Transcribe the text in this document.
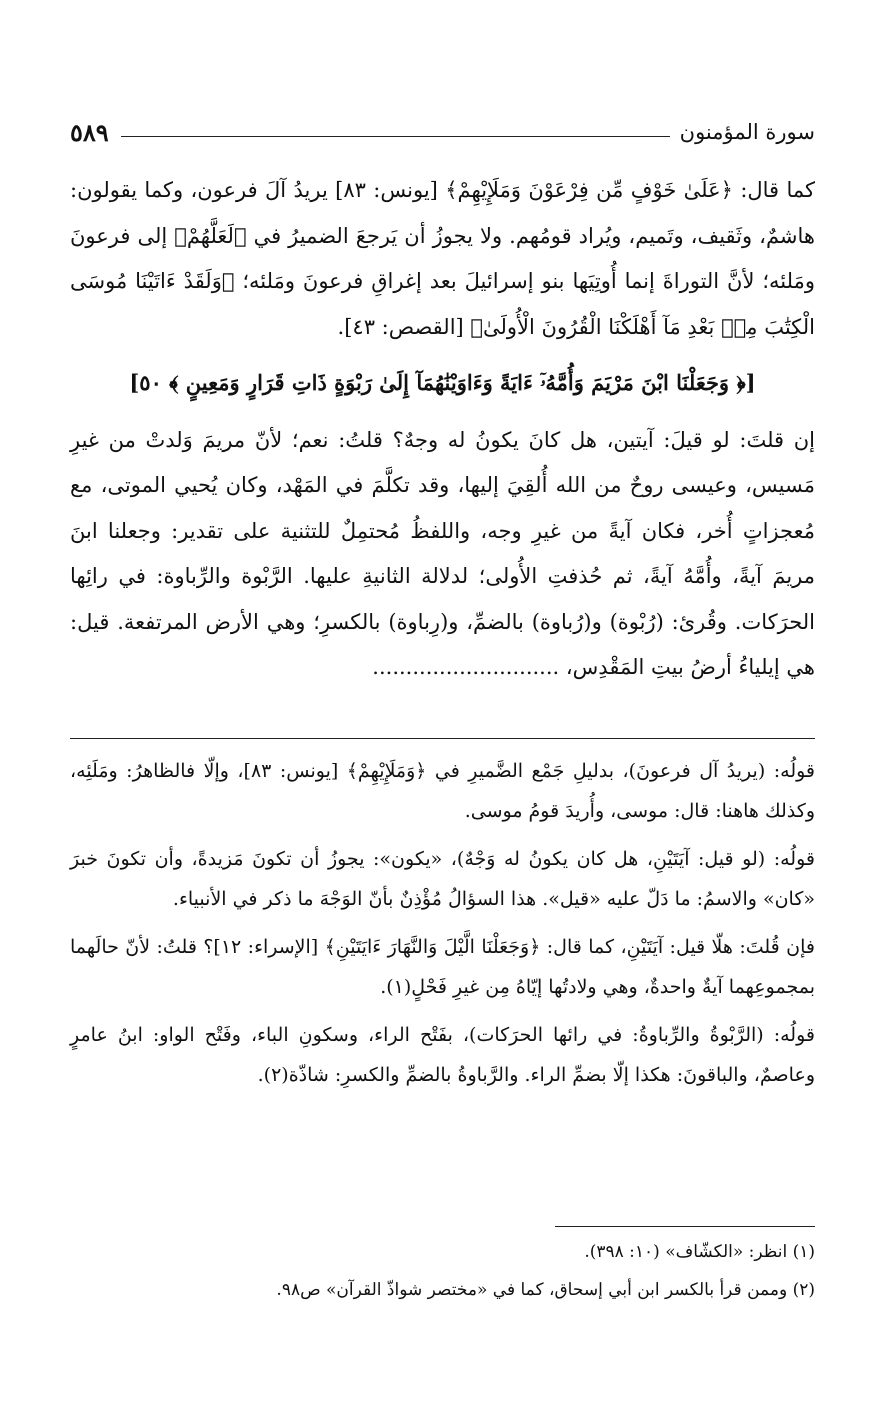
سورة المؤمنون
٥٨٩

كما قال: ﴿عَلَىٰ خَوْفٍ مِّن فِرْعَوْنَ وَمَلَإِيْهِمْ﴾ [يونس: ٨٣] يريدُ آلَ فرعون، وكما يقولون: هاشمٌ، وثَقيف، وتَميم، ويُراد قومُهم. ولا يجوزُ أن يَرجعَ الضميرُ في ﴿لَعَلَّهُمْ﴾ إلى فرعونَ ومَلئه؛ لأنَّ التوراةَ إنما أُوتِيَها بنو إسرائيلَ بعد إغراقِ فرعونَ ومَلئه؛ ﴿وَلَقَدْ ءَاتَيْنَا مُوسَى الْكِتَٰبَ مِنۢ بَعْدِ مَآ أَهْلَكْنَا الْقُرُونَ الْأُولَىٰ﴾ [القصص: ٤٣].

[﴿ وَجَعَلْنَا ابْنَ مَرْيَمَ وَأُمَّهُۥٓ ءَايَةً وَءَاوَيْنَٰهُمَآ إِلَىٰ رَبْوَةٍ ذَاتِ قَرَارٍ وَمَعِينٍ ﴾ ٥٠]

إن قلتَ: لو قيلَ: آيتين، هل كانَ يكونُ له وجهٌ؟ قلتُ: نعم؛ لأنّ مريمَ وَلدتْ من غيرِ مَسيس، وعيسى روحٌ من الله أُلقِيَ إليها، وقد تكلَّمَ في المَهْد، وكان يُحيي الموتى، مع مُعجزاتٍ أُخر، فكان آيةً من غيرِ وجه، واللفظُ مُحتمِلٌ للتثنية على تقدير: وجعلنا ابنَ مريمَ آيةً، وأُمَّهُ آيةً، ثم حُذفتِ الأُولى؛ لدلالة الثانيةِ عليها. الرَّبْوة والرِّباوة: في رائِها الحرَكات. وقُرئ: (رُبْوة) و(رُباوة) بالضمِّ، و(رِباوة) بالكسرِ؛ وهي الأرض المرتفعة. قيل: هي إيلياءُ أرضُ بيتِ المَقْدِس، ............................

قولُه: (يريدُ آل فرعونَ)، بدليلِ جَمْع الضَّميرِ في ﴿وَمَلَإِيْهِمْ﴾ [يونس: ٨٣]، وإلّا فالظاهرُ: ومَلَئِه، وكذلك هاهنا: قال: موسى، وأُريدَ قومُ موسى.

قولُه: (لو قيل: آيَتَيْنِ، هل كان يكونُ له وَجْهٌ)، «يكون»: يجوزُ أن تكونَ مَزيدةً، وأن تكونَ خبرَ «كان» والاسمُ: ما دَلّ عليه «قيل». هذا السؤالُ مُؤْذِنٌ بأنّ الوَجْهَ ما ذكر في الأنبياء.

فإن قُلتَ: هلّا قيل: آيَتَيْنِ، كما قال: ﴿وَجَعَلْنَا الَّيْلَ وَالنَّهَارَ ءَايَتَيْنِ﴾ [الإسراء: ١٢]؟ قلتُ: لأنّ حالَهما بمجموعِهما آيةٌ واحدةٌ، وهي ولادتُها إيّاهُ مِن غيرِ فَحْلٍ(١).

قولُه: (الرَّبْوةُ والرِّباوةُ: في رائها الحرَكات)، بفَتْح الراء، وسكونِ الباء، وفَتْح الواو: ابنُ عامرٍ وعاصمٌ، والباقونَ: هكذا إلّا بضمِّ الراء. والرَّباوةُ بالضمِّ والكسرِ: شاذّة(٢).

(١) انظر: «الكشّاف» (١٠: ٣٩٨).

(٢) وممن قرأ بالكسر ابن أبي إسحاق، كما في «مختصر شواذّ القرآن» ص٩٨.
